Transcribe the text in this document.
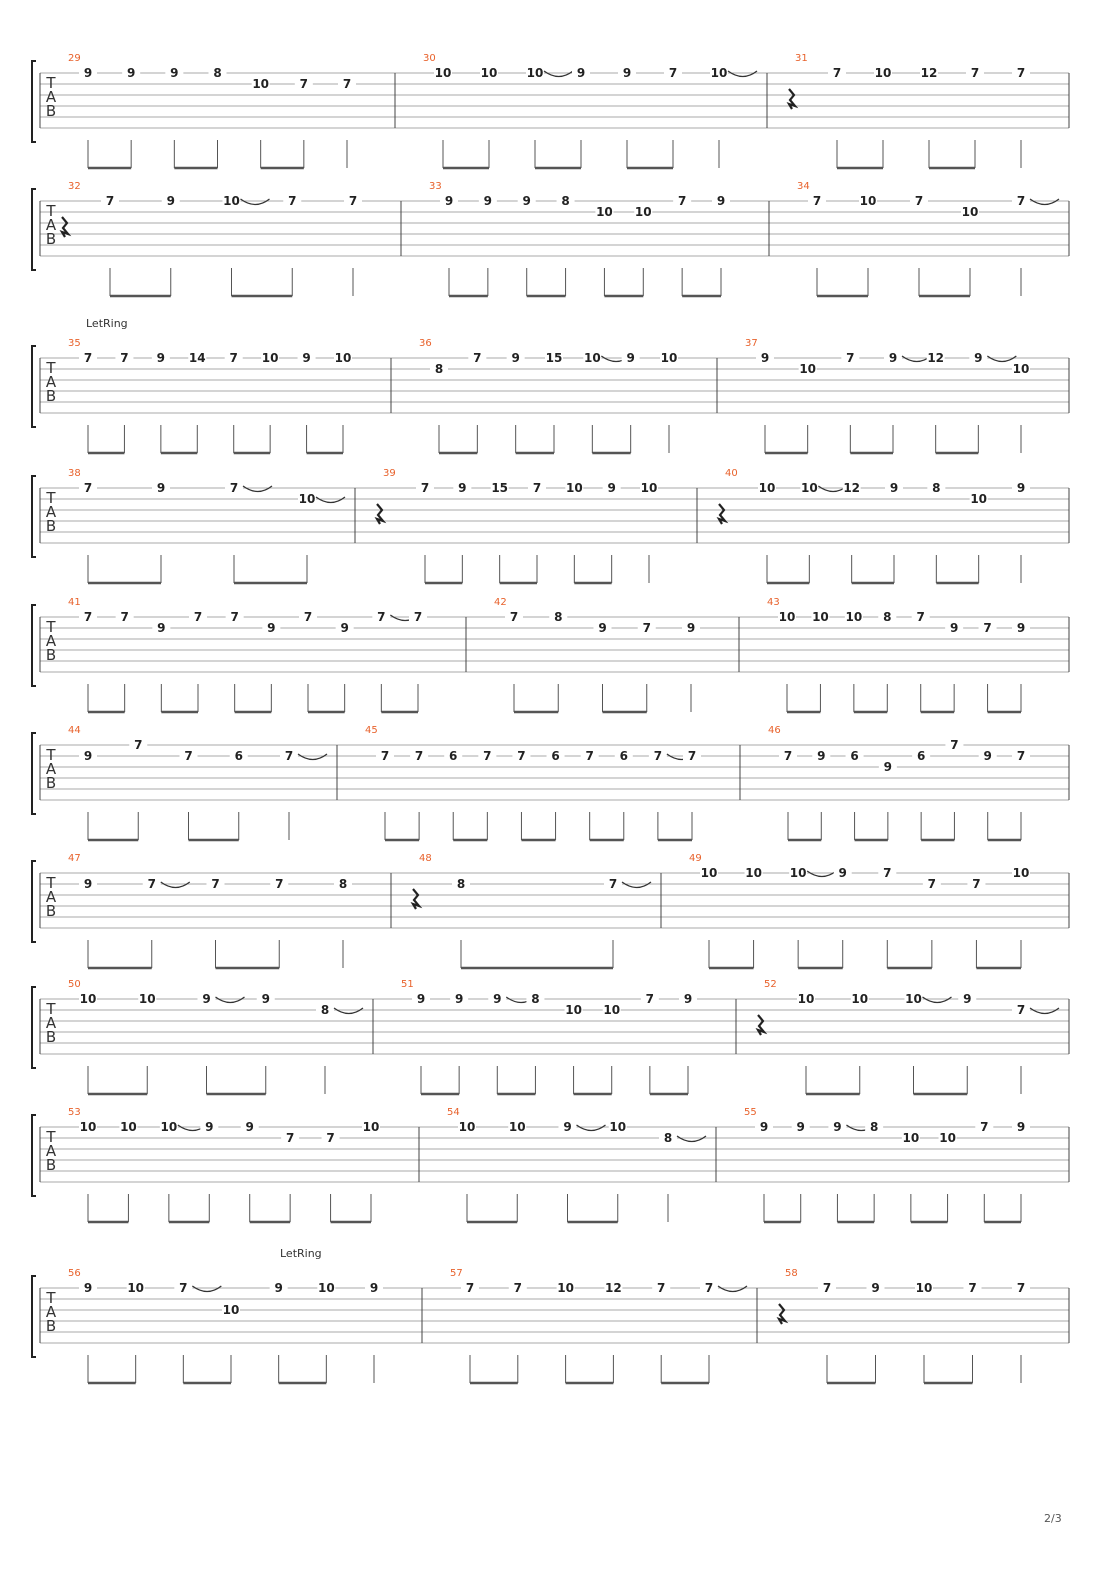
T
A
B
29
9	9	9	8
10	7	7
30
10 10 10	9	9	7	10
31
7	10 12	7	7
T
A
B
32
7	9	10	7	7
33
9	9	9	8
10 10
7	9
34
7	10	7
10
7
T
A
B
LetRing
35
7 7 9 14 7 10 9 10
36
8
7 9 15 10 9 10
37
9
10
7	9	12	9
10
T
A
B
38
7	9	7
10
39
7 9 15 7 10 9 10
40
10 10 12 9	8
10
9
T
A
B
41
7 7
9
7 7
9
7
9
7 7
42
7	8
9	7	9
43
10 10 10 8 7
9 7 9
T
A
B
44
9
7
7	6	7
45
7 7 6 7 7 6 7 6 7 7
46
7 9 6
9
6
7
9 7
T
A
B
47
9	7	7	7	8
48
8	7
49
10 10 10	9	7
7	7
10
T
A
B
50
10	10	9	9
8
51
9 9 9 8
10 10
7 9
52
10	10	10	9
7
T
A
B
53
10 10 10 9	9
7	7
10
54
10	10	9	10
8
55
9 9 9 8
10 10
7 9
T
A
B
LetRing
56
9	10	7
10
9	10	9
57
7	7	10	12	7	7
58
7	9	10	7	7
2/3
